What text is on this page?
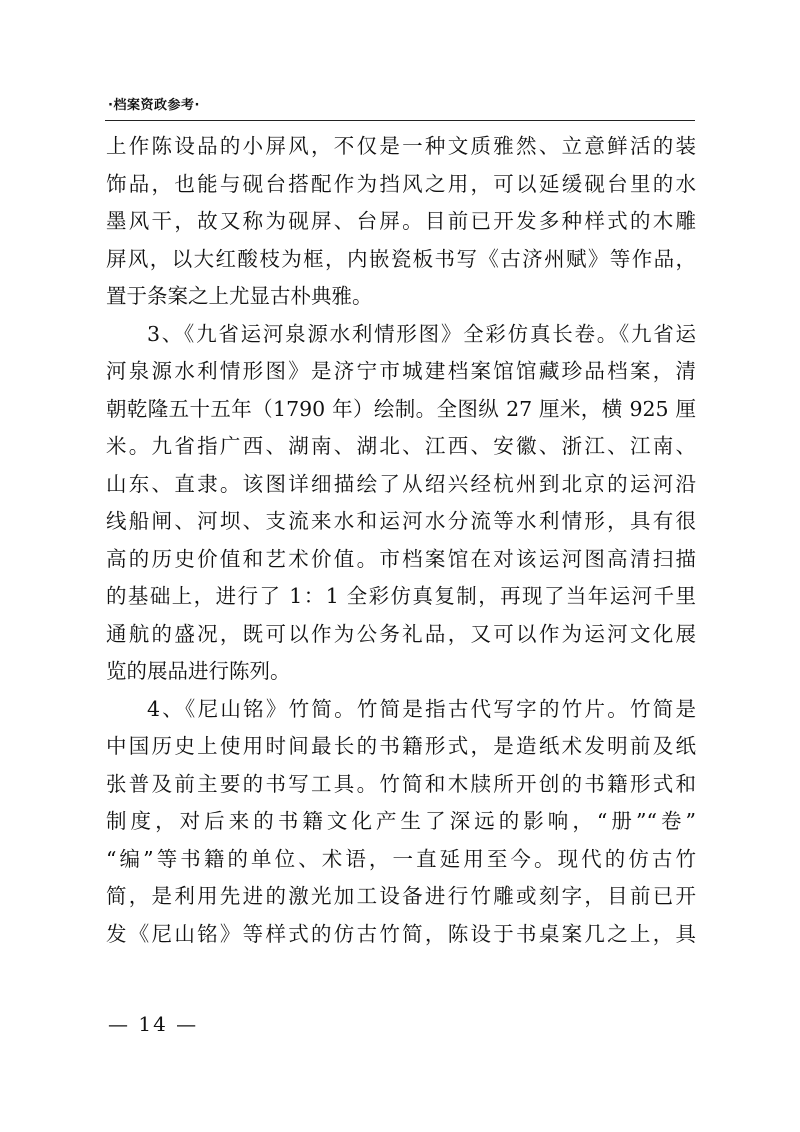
·档案资政参考·
上作陈设品的小屏风，不仅是一种文质雅然、立意鲜活的装
饰品，也能与砚台搭配作为挡风之用，可以延缓砚台里的水
墨风干，故又称为砚屏、台屏。目前已开发多种样式的木雕
屏风，以大红酸枝为框，内嵌瓷板书写《古济州赋》等作品，
置于条案之上尤显古朴典雅。
3、《九省运河泉源水利情形图》全彩仿真长卷。《九省运
河泉源水利情形图》是济宁市城建档案馆馆藏珍品档案，清
朝乾隆五十五年（1790 年）绘制。全图纵 27 厘米，横 925 厘
米。九省指广西、湖南、湖北、江西、安徽、浙江、江南、
山东、直隶。该图详细描绘了从绍兴经杭州到北京的运河沿
线船闸、河坝、支流来水和运河水分流等水利情形，具有很
高的历史价值和艺术价值。市档案馆在对该运河图高清扫描
的基础上，进行了 1：1 全彩仿真复制，再现了当年运河千里
通航的盛况，既可以作为公务礼品，又可以作为运河文化展
览的展品进行陈列。
4、《尼山铭》竹简。竹简是指古代写字的竹片。竹简是
中国历史上使用时间最长的书籍形式，是造纸术发明前及纸
张普及前主要的书写工具。竹简和木牍所开创的书籍形式和
制度，对后来的书籍文化产生了深远的影响，“册”“卷”
“编”等书籍的单位、术语，一直延用至今。现代的仿古竹
简，是利用先进的激光加工设备进行竹雕或刻字，目前已开
发《尼山铭》等样式的仿古竹简，陈设于书桌案几之上，具
— 14 —
